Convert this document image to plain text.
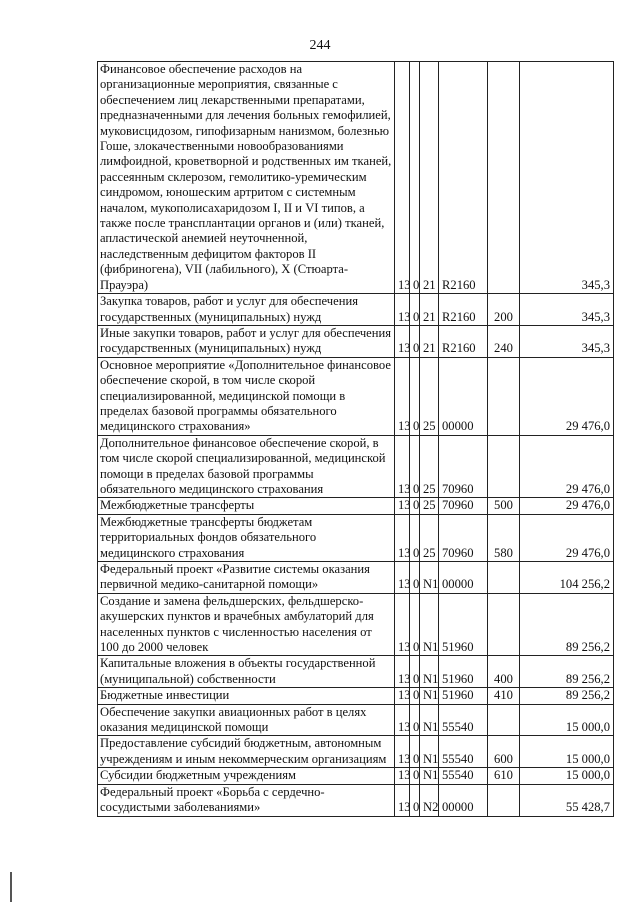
244
Финансовое обеспечение расходов на организационные мероприятия, связанные с обеспечением лиц лекарственными препаратами, предназначенными для лечения больных гемофилией, муковисцидозом, гипофизарным нанизмом, болезнью Гоше, злокачественными новообразованиями лимфоидной, кроветворной и родственных им тканей, рассеянным склерозом, гемолитико-уремическим синдромом, юношеским артритом с системным началом, мукополисахаридозом I, II и VI типов, а также после трансплантации органов и (или) тканей, апластической анемией неуточненной, наследственным дефицитом факторов II (фибриногена), VII (лабильного), X (Стюарта-Прауэра)	13	0	21	R2160		345,3
Закупка товаров, работ и услуг для обеспечения государственных (муниципальных) нужд	13	0	21	R2160	200	345,3
Иные закупки товаров, работ и услуг для обеспечения государственных (муниципальных) нужд	13	0	21	R2160	240	345,3
Основное мероприятие «Дополнительное финансовое обеспечение скорой, в том числе скорой специализированной, медицинской помощи в пределах базовой программы обязательного медицинского страхования»	13	0	25	00000		29 476,0
Дополнительное финансовое обеспечение скорой, в том числе скорой специализированной, медицинской помощи в пределах базовой программы обязательного медицинского страхования	13	0	25	70960		29 476,0
Межбюджетные трансферты	13	0	25	70960	500	29 476,0
Межбюджетные трансферты бюджетам территориальных фондов обязательного медицинского страхования	13	0	25	70960	580	29 476,0
Федеральный проект «Развитие системы оказания первичной медико-санитарной помощи»	13	0	N1	00000		104 256,2
Создание и замена фельдшерских, фельдшерско-акушерских пунктов и врачебных амбулаторий для населенных пунктов с численностью населения от 100 до 2000 человек	13	0	N1	51960		89 256,2
Капитальные вложения в объекты государственной (муниципальной) собственности	13	0	N1	51960	400	89 256,2
Бюджетные инвестиции	13	0	N1	51960	410	89 256,2
Обеспечение закупки авиационных работ в целях оказания медицинской помощи	13	0	N1	55540		15 000,0
Предоставление субсидий бюджетным, автономным учреждениям и иным некоммерческим организациям	13	0	N1	55540	600	15 000,0
Субсидии бюджетным учреждениям	13	0	N1	55540	610	15 000,0
Федеральный проект «Борьба с сердечно-сосудистыми заболеваниями»	13	0	N2	00000		55 428,7
